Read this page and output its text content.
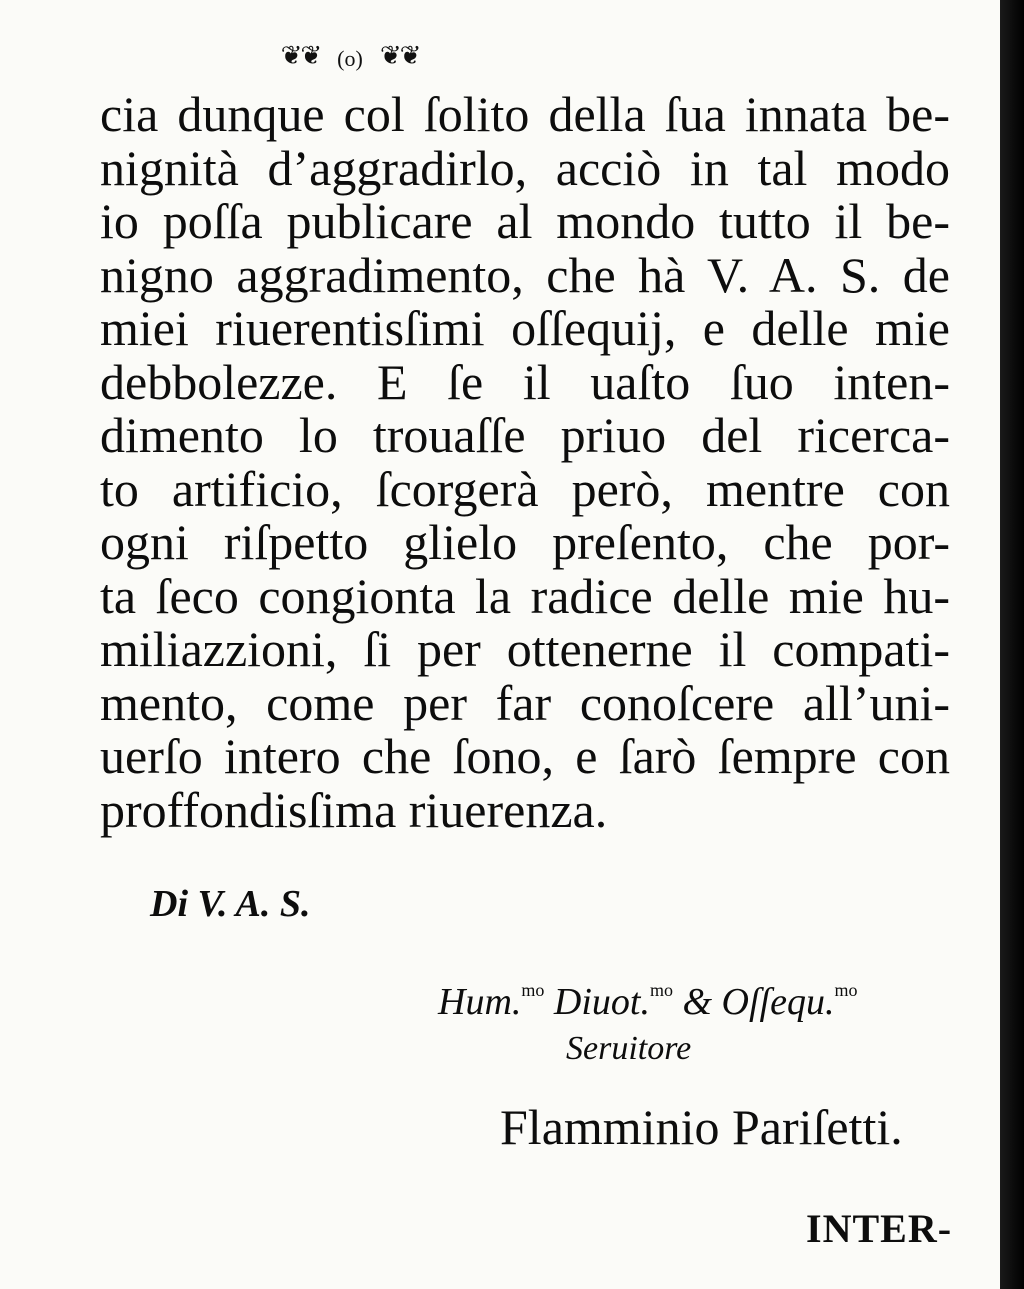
❦❦ (o) ❦❦
cia dunque col ſolito della ſua innata be-
nignità d’aggradirlo, acciò in tal modo
io poſſa publicare al mondo tutto il be-
nigno aggradimento, che hà V. A. S. de
miei riuerentisſimi oſſequij, e delle mie
debbolezze. E ſe il uaſto ſuo inten-
dimento lo trouaſſe priuo del ricerca-
to artificio, ſcorgerà però, mentre con
ogni riſpetto glielo preſento, che por-
ta ſeco congionta la radice delle mie hu-
miliazzioni, ſi per ottenerne il compati-
mento, come per far conoſcere all’uni-
uerſo intero che ſono, e ſarò ſempre con
proffondisſima riuerenza.
Di V. A. S.
Hum.$^{mo}$ Diuot.$^{mo}$ & Oſſequ.$^{mo}$
Seruitore
Flamminio Pariſetti.
INTER-
